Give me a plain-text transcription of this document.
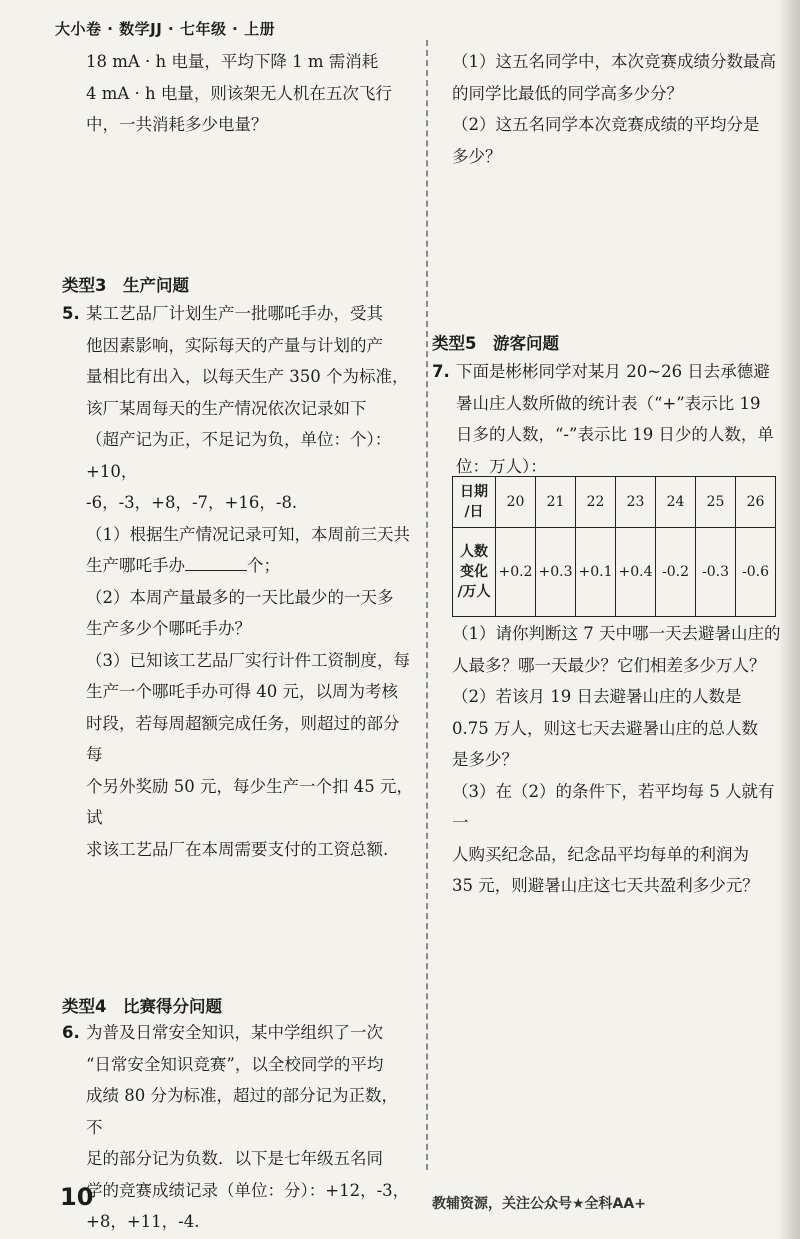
大小卷 · 数学JJ · 七年级 · 上册

18 mA · h 电量，平均下降 1 m 需消耗

4 mA · h 电量，则该架无人机在五次飞行

中，一共消耗多少电量？

类型3　生产问题

5. 某工艺品厂计划生产一批哪吒手办，受其

他因素影响，实际每天的产量与计划的产

量相比有出入，以每天生产 350 个为标准，

该厂某周每天的生产情况依次记录如下

（超产记为正，不足记为负，单位：个）：+10，

-6，-3，+8，-7，+16，-8.

（1）根据生产情况记录可知，本周前三天共

生产哪吒手办	个；

（2）本周产量最多的一天比最少的一天多

生产多少个哪吒手办？

（3）已知该工艺品厂实行计件工资制度，每

生产一个哪吒手办可得 40 元，以周为考核

时段，若每周超额完成任务，则超过的部分每

个另外奖励 50 元，每少生产一个扣 45 元，试

求该工艺品厂在本周需要支付的工资总额.

类型4　比赛得分问题

6. 为普及日常安全知识，某中学组织了一次

“日常安全知识竞赛”，以全校同学的平均

成绩 80 分为标准，超过的部分记为正数，不

足的部分记为负数．以下是七年级五名同

学的竞赛成绩记录（单位：分）：+12，-3，

+8，+11，-4.

（1）这五名同学中，本次竞赛成绩分数最高

的同学比最低的同学高多少分？

（2）这五名同学本次竞赛成绩的平均分是

多少？

类型5　游客问题

7. 下面是彬彬同学对某月 20~26 日去承德避

暑山庄人数所做的统计表（“+”表示比 19

日多的人数，“-”表示比 19 日少的人数，单

位：万人）：

日期
/日	20	21	22	23	24	25	26

人数
变化
/万人	+0.2	+0.3	+0.1	+0.4	-0.2	-0.3	-0.6

（1）请你判断这 7 天中哪一天去避暑山庄的

人最多？哪一天最少？它们相差多少万人？

（2）若该月 19 日去避暑山庄的人数是

0.75 万人，则这七天去避暑山庄的总人数

是多少？

（3）在（2）的条件下，若平均每 5 人就有一

人购买纪念品，纪念品平均每单的利润为

35 元，则避暑山庄这七天共盈利多少元？

10	教辅资源，关注公众号★全科AA+
